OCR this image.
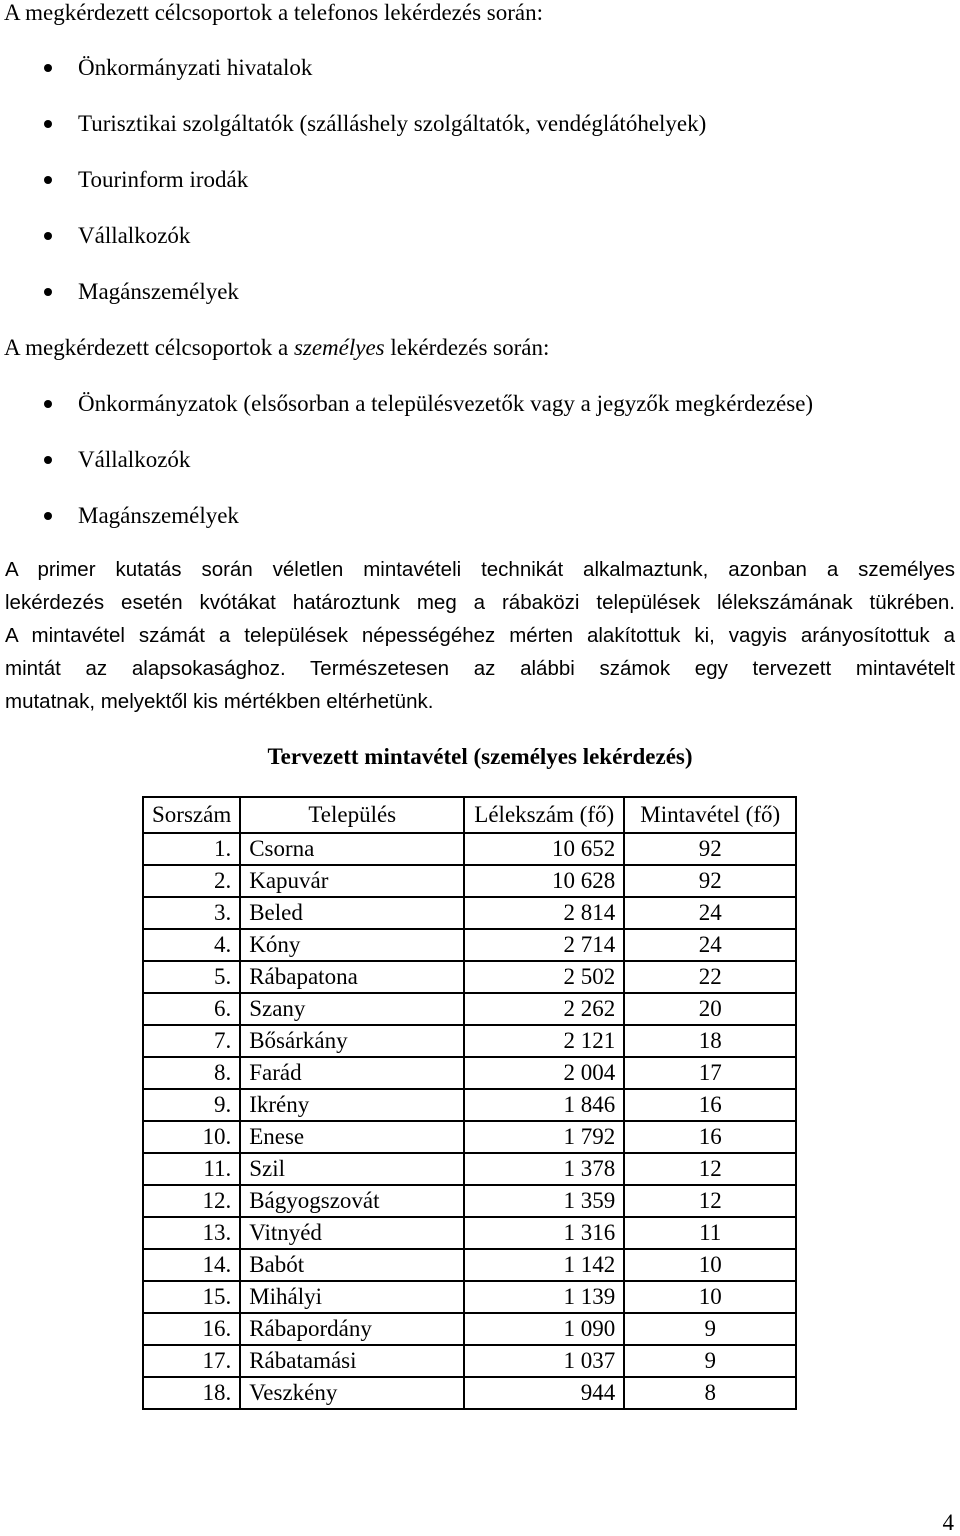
A megkérdezett célcsoportok a telefonos lekérdezés során:
Önkormányzati hivatalok
Turisztikai szolgáltatók (szálláshely szolgáltatók, vendéglátóhelyek)
Tourinform irodák
Vállalkozók
Magánszemélyek
A megkérdezett célcsoportok a személyes lekérdezés során:
Önkormányzatok (elsősorban a településvezetők vagy a jegyzők megkérdezése)
Vállalkozók
Magánszemélyek
A primer kutatás során véletlen mintavételi technikát alkalmaztunk, azonban a személyes
lekérdezés esetén kvótákat határoztunk meg a rábaközi települések lélekszámának tükrében.
A mintavétel számát a települések népességéhez mérten alakítottuk ki, vagyis arányosítottuk a
mintát az alapsokasághoz. Természetesen az alábbi számok egy tervezett mintavételt
mutatnak, melyektől kis mértékben eltérhetünk.
Tervezett mintavétel (személyes lekérdezés)
Sorszám	Település	Lélekszám (fő)	Mintavétel (fő)
1.	Csorna	10 652	92
2.	Kapuvár	10 628	92
3.	Beled	2 814	24
4.	Kóny	2 714	24
5.	Rábapatona	2 502	22
6.	Szany	2 262	20
7.	Bősárkány	2 121	18
8.	Farád	2 004	17
9.	Ikrény	1 846	16
10.	Enese	1 792	16
11.	Szil	1 378	12
12.	Bágyogszovát	1 359	12
13.	Vitnyéd	1 316	11
14.	Babót	1 142	10
15.	Mihályi	1 139	10
16.	Rábapordány	1 090	9
17.	Rábatamási	1 037	9
18.	Veszkény	944	8
4
